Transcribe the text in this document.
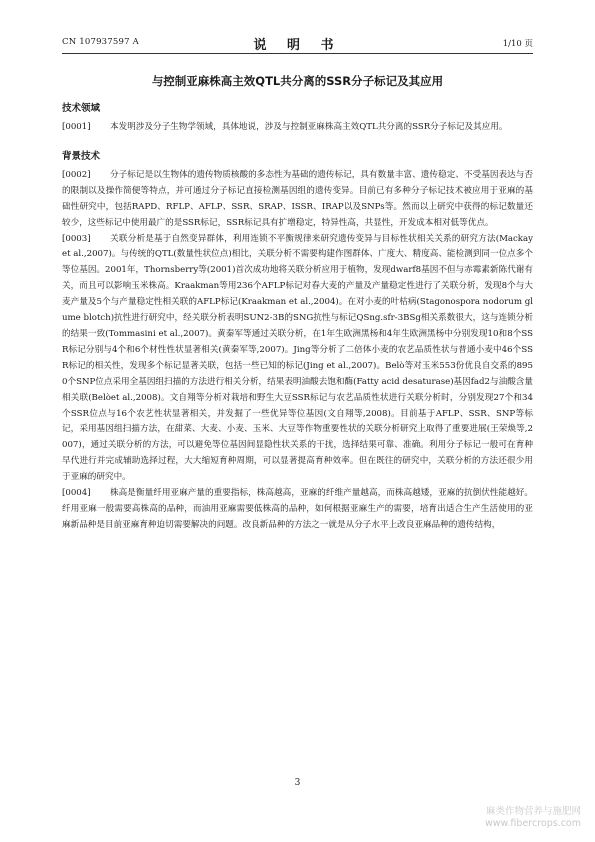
CN 107937597 A	说 明 书	1/10 页
与控制亚麻株高主效QTL共分离的SSR分子标记及其应用
技术领域

[0001] 本发明涉及分子生物学领域，具体地说，涉及与控制亚麻株高主效QTL共分离的SSR分子标记及其应用。

背景技术

[0002] 分子标记是以生物体的遗传物质核酸的多态性为基础的遗传标记，具有数量丰富、遗传稳定、不受基因表达与否的限制以及操作简便等特点，并可通过分子标记直接检测基因组的遗传变异。目前已有多种分子标记技术被应用于亚麻的基础性研究中，包括RAPD、RFLP、AFLP、SSR、SRAP、ISSR、IRAP以及SNPs等。然而以上研究中获得的标记数量还较少，这些标记中使用最广的是SSR标记，SSR标记具有扩增稳定，特异性高，共显性，开发成本相对低等优点。

[0003] 关联分析是基于自然变异群体，利用连锁不平衡规律来研究遗传变异与目标性状相关关系的研究方法(Mackay et al.,2007)。与传统的QTL(数量性状位点)相比，关联分析不需要构建作图群体、广度大、精度高、能检测到同一位点多个等位基因。2001年，Thornsberry等(2001)首次成功地将关联分析应用于植物，发现dwarf8基因不但与赤霉素新陈代谢有关，而且可以影响玉米株高。Kraakman等用236个AFLP标记对春大麦的产量及产量稳定性进行了关联分析，发现8个与大麦产量及5个与产量稳定性相关联的AFLP标记(Kraakman et al.,2004)。在对小麦的叶枯病(Stagonospora nodorum glume blotch)抗性进行研究中，经关联分析表明SUN2-3B的SNG抗性与标记QSng.sfr-3BSg相关系数很大，这与连锁分析的结果一致(Tommasini et al.,2007)。黄秦军等通过关联分析，在1年生欧洲黑杨和4年生欧洲黑杨中分别发现10和8个SSR标记分别与4个和6个材性性状显著相关(黄秦军等,2007)。Jing等分析了二倍体小麦的农艺品质性状与普通小麦中46个SSR标记的相关性，发现多个标记显著关联，包括一些已知的标记(Jing et al.,2007)。Belò等对玉米553份优良自交系的8950个SNP位点采用全基因组扫描的方法进行相关分析，结果表明油酸去饱和酶(Fatty acid desaturase)基因fad2与油酸含量相关联(Belòet al.,2008)。文自翔等分析对栽培和野生大豆SSR标记与农艺品质性状进行关联分析时，分别发现27个和34个SSR位点与16个农艺性状显著相关，并发掘了一些优异等位基因(文自翔等,2008)。目前基于AFLP、SSR、SNP等标记，采用基因组扫描方法，在甜菜、大麦、小麦、玉米、大豆等作物重要性状的关联分析研究上取得了重要进展(王荣焕等,2007)，通过关联分析的方法，可以避免等位基因间显隐性状关系的干扰，选择结果可靠、准确。利用分子标记一般可在育种早代进行并完成辅助选择过程，大大缩短育种周期，可以显著提高育种效率。但在既往的研究中，关联分析的方法还很少用于亚麻的研究中。

[0004] 株高是衡量纤用亚麻产量的重要指标，株高越高，亚麻的纤维产量越高，而株高越矮，亚麻的抗倒伏性能越好。纤用亚麻一般需要高株高的品种，而油用亚麻需要低株高的品种，如何根据亚麻生产的需要，培育出适合生产生活使用的亚麻新品种是目前亚麻育种迫切需要解决的问题。改良新品种的方法之一就是从分子水平上改良亚麻品种的遗传结构，

3
麻类作物营养与施肥网
www.fibercrops.com
